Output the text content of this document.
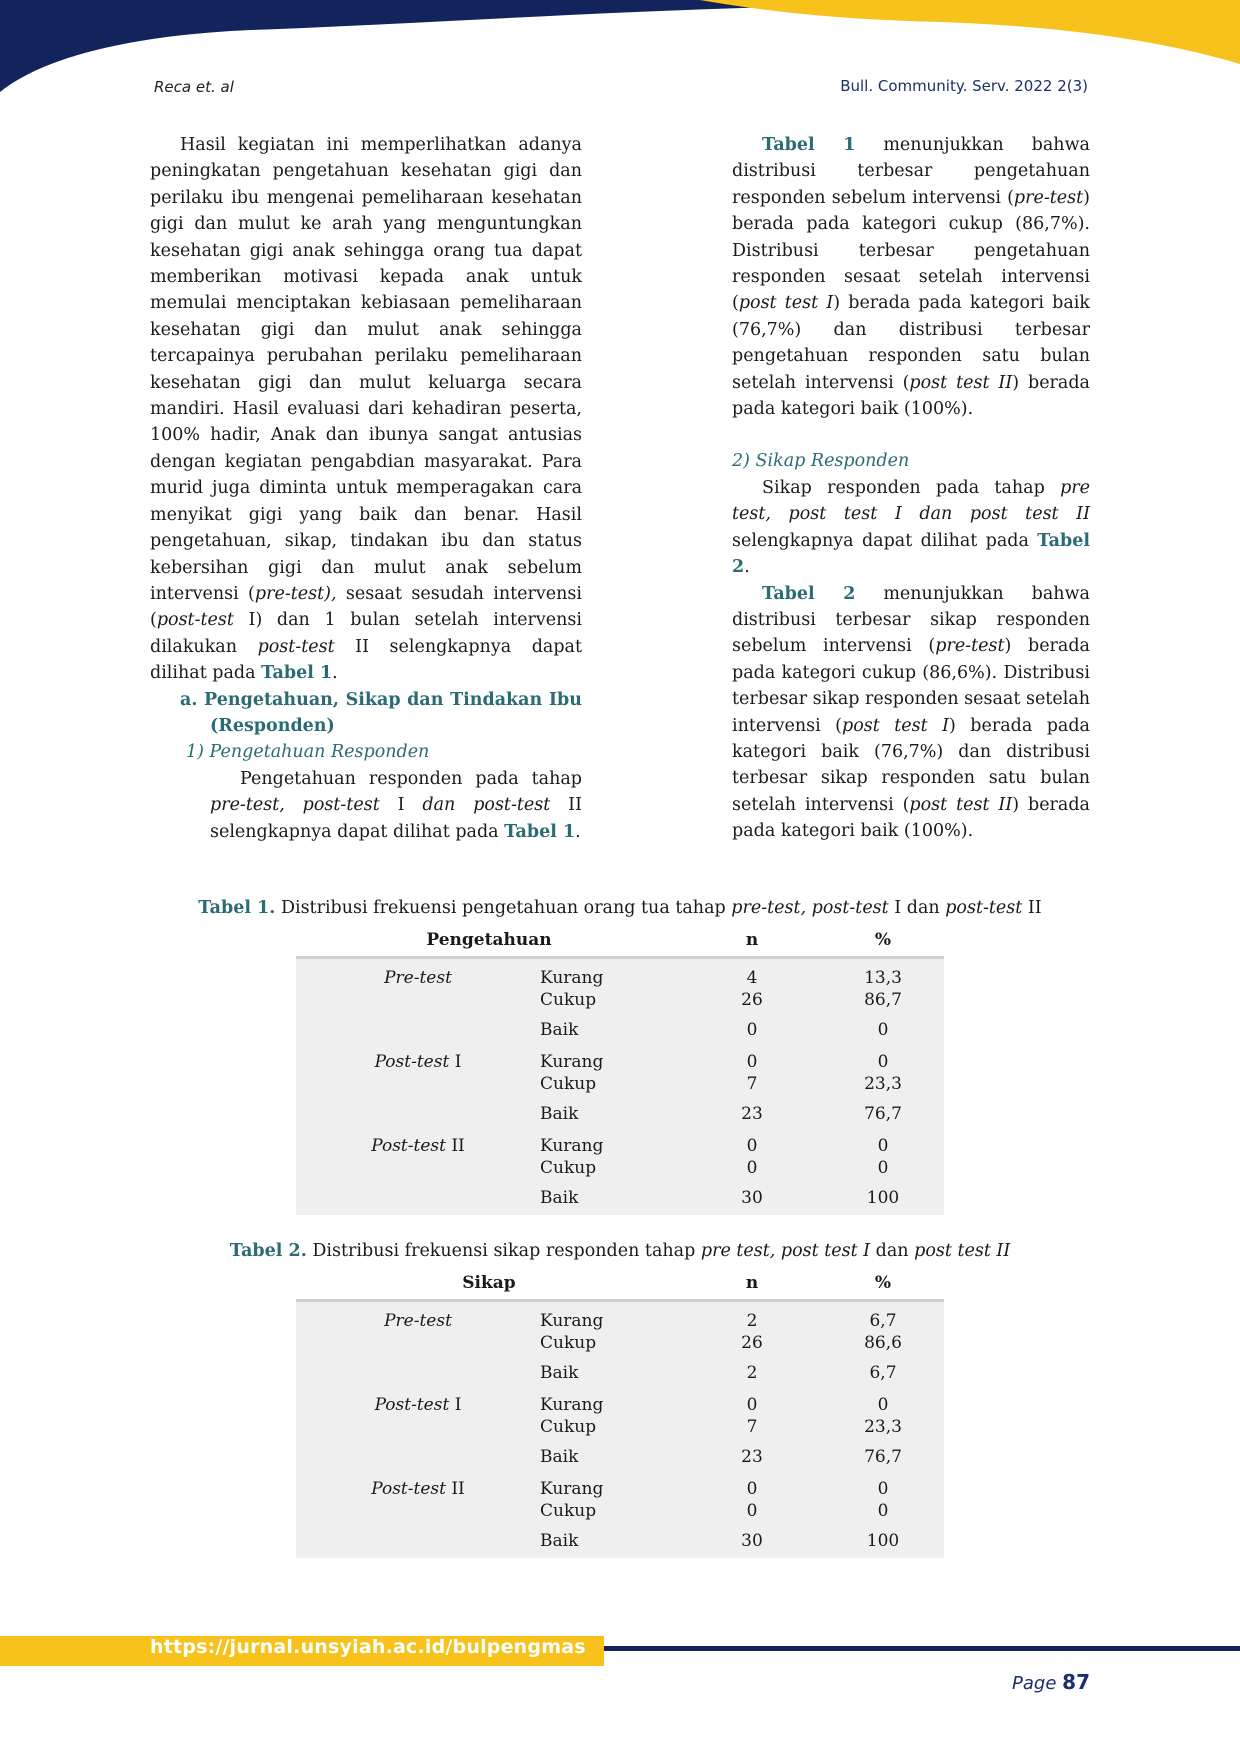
Reca et. al	Bull. Community. Serv. 2022 2(3)

Hasil kegiatan ini memperlihatkan adanya peningkatan pengetahuan kesehatan gigi dan perilaku ibu mengenai pemeliharaan kesehatan gigi dan mulut ke arah yang menguntungkan kesehatan gigi anak sehingga orang tua dapat memberikan motivasi kepada anak untuk memulai menciptakan kebiasaan pemeliharaan kesehatan gigi dan mulut anak sehingga tercapainya perubahan perilaku pemeliharaan kesehatan gigi dan mulut keluarga secara mandiri. Hasil evaluasi dari kehadiran peserta, 100% hadir, Anak dan ibunya sangat antusias dengan kegiatan pengabdian masyarakat. Para murid juga diminta untuk memperagakan cara menyikat gigi yang baik dan benar. Hasil pengetahuan, sikap, tindakan ibu dan status kebersihan gigi dan mulut anak sebelum intervensi (pre-test), sesaat sesudah intervensi (post-test I) dan 1 bulan setelah intervensi dilakukan post-test II selengkapnya dapat dilihat pada Tabel 1.

a. Pengetahuan, Sikap dan Tindakan Ibu (Responden)

1) Pengetahuan Responden

Pengetahuan responden pada tahap pre-test, post-test I dan post-test II selengkapnya dapat dilihat pada Tabel 1.

Tabel 1 menunjukkan bahwa distribusi terbesar pengetahuan responden sebelum intervensi (pre-test) berada pada kategori cukup (86,7%). Distribusi terbesar pengetahuan responden sesaat setelah intervensi (post test I) berada pada kategori baik (76,7%) dan distribusi terbesar pengetahuan responden satu bulan setelah intervensi (post test II) berada pada kategori baik (100%).

2) Sikap Responden

Sikap responden pada tahap pre test, post test I dan post test II selengkapnya dapat dilihat pada Tabel 2.

Tabel 2 menunjukkan bahwa distribusi terbesar sikap responden sebelum intervensi (pre-test) berada pada kategori cukup (86,6%). Distribusi terbesar sikap responden sesaat setelah intervensi (post test I) berada pada kategori baik (76,7%) dan distribusi terbesar sikap responden satu bulan setelah intervensi (post test II) berada pada kategori baik (100%).

Tabel 1. Distribusi frekuensi pengetahuan orang tua tahap pre-test, post-test I dan post-test II
Pengetahuan		n	%
Pre-test	Kurang	4	13,3
	Cukup	26	86,7
	Baik	0	0
Post-test I	Kurang	0	0
	Cukup	7	23,3
	Baik	23	76,7
Post-test II	Kurang	0	0
	Cukup	0	0
	Baik	30	100

Tabel 2. Distribusi frekuensi sikap responden tahap pre test, post test I dan post test II
Sikap		n	%
Pre-test	Kurang	2	6,7
	Cukup	26	86,6
	Baik	2	6,7
Post-test I	Kurang	0	0
	Cukup	7	23,3
	Baik	23	76,7
Post-test II	Kurang	0	0
	Cukup	0	0
	Baik	30	100

https://jurnal.unsyiah.ac.id/bulpengmas
Page 87
